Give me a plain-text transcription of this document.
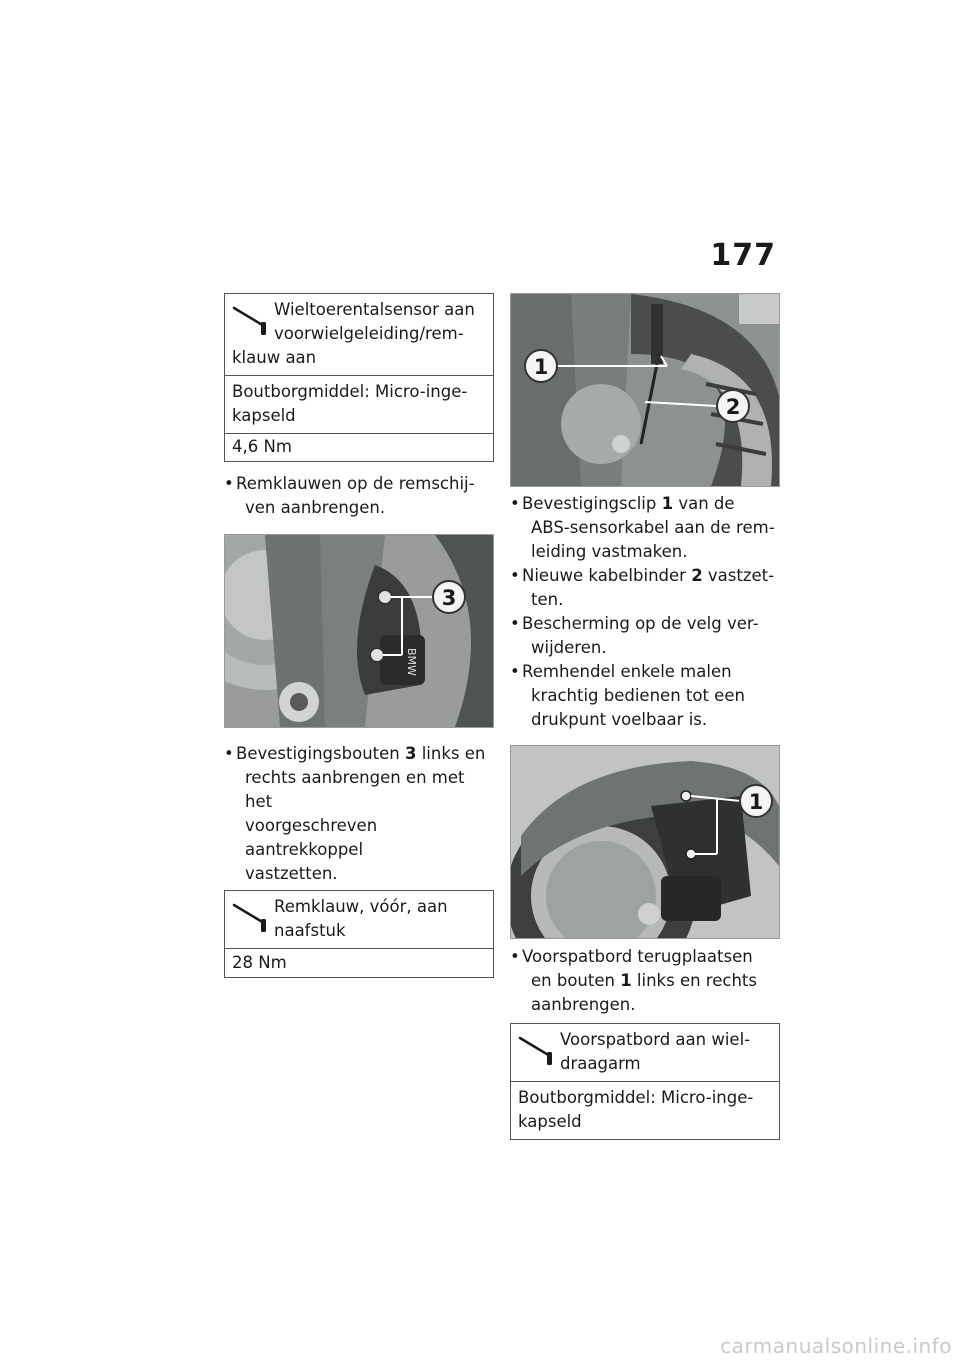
177
Wieltoerentalsensor aan
voorwielgeleiding/rem-
klauw aan
Boutborgmiddel: Micro-inge-
kapseld
4,6 Nm
• Remklauwen op de remschij-
ven aanbrengen.
BMW
3
• Bevestigingsbouten 3 links en
rechts aanbrengen en met het
voorgeschreven aantrekkoppel
vastzetten.
Remklauw, vóór, aan
naafstuk
28 Nm
1
2
• Bevestigingsclip 1 van de
ABS-sensorkabel aan de rem-
leiding vastmaken.
• Nieuwe kabelbinder 2 vastzet-
ten.
• Bescherming op de velg ver-
wijderen.
• Remhendel enkele malen
krachtig bedienen tot een
drukpunt voelbaar is.
1
• Voorspatbord terugplaatsen
en bouten 1 links en rechts
aanbrengen.
Voorspatbord aan wiel-
draagarm
Boutborgmiddel: Micro-inge-
kapseld
carmanualsonline.info
